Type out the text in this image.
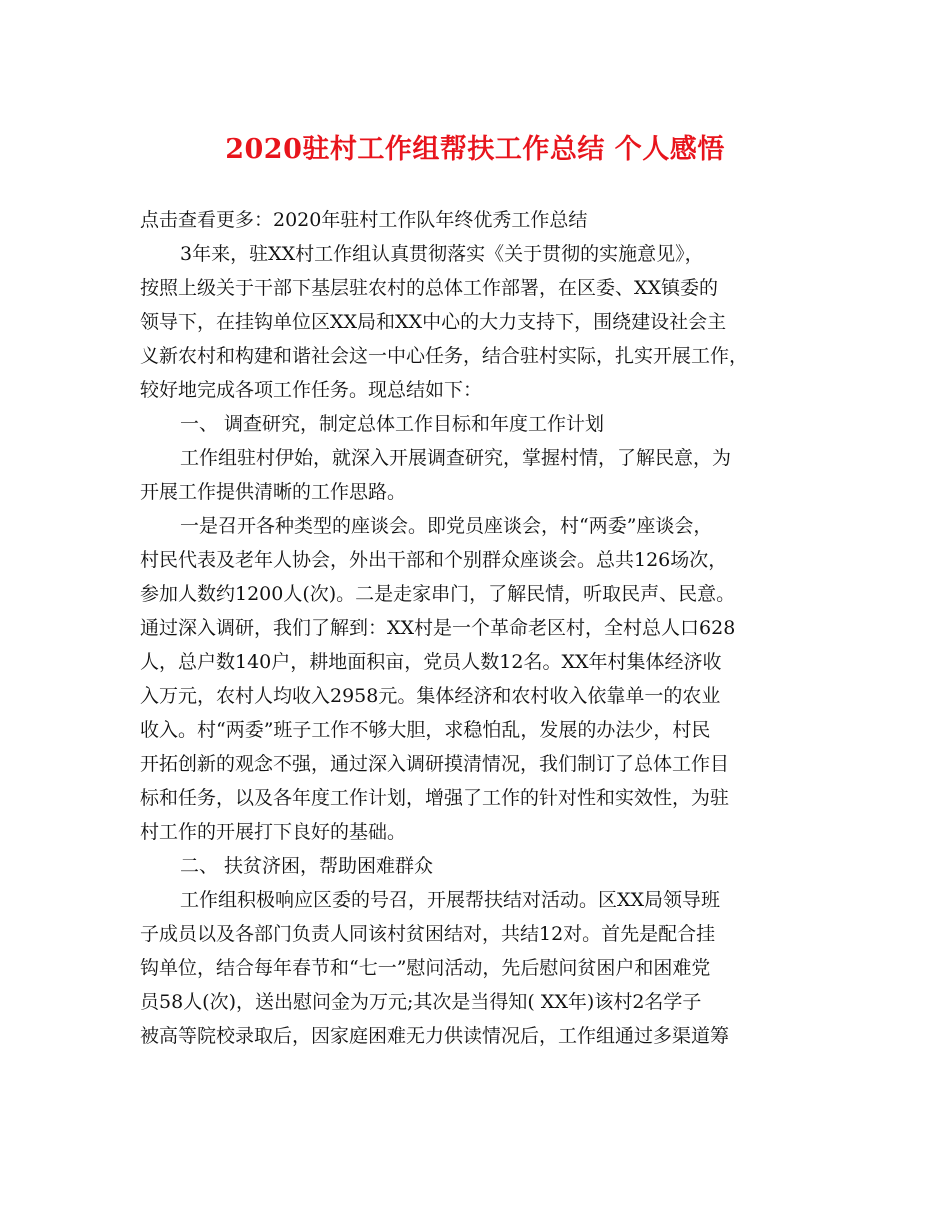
2020驻村工作组帮扶工作总结 个人感悟
点击查看更多：2020年驻村工作队年终优秀工作总结
3年来，驻XX村工作组认真贯彻落实《关于贯彻的实施意见》，
按照上级关于干部下基层驻农村的总体工作部署，在区委、XX镇委的
领导下，在挂钩单位区XX局和XX中心的大力支持下，围绕建设社会主
义新农村和构建和谐社会这一中心任务，结合驻村实际，扎实开展工作，
较好地完成各项工作任务。现总结如下：
一、 调查研究，制定总体工作目标和年度工作计划
工作组驻村伊始，就深入开展调查研究，掌握村情，了解民意，为
开展工作提供清晰的工作思路。
一是召开各种类型的座谈会。即党员座谈会，村“两委”座谈会，
村民代表及老年人协会，外出干部和个别群众座谈会。总共126场次，
参加人数约1200人(次)。二是走家串门，了解民情，听取民声、民意。
通过深入调研，我们了解到：XX村是一个革命老区村，全村总人口628
人，总户数140户，耕地面积亩，党员人数12名。XX年村集体经济收
入万元，农村人均收入2958元。集体经济和农村收入依靠单一的农业
收入。村“两委”班子工作不够大胆，求稳怕乱，发展的办法少，村民
开拓创新的观念不强，通过深入调研摸清情况，我们制订了总体工作目
标和任务，以及各年度工作计划，增强了工作的针对性和实效性，为驻
村工作的开展打下良好的基础。
二、 扶贫济困，帮助困难群众
工作组积极响应区委的号召，开展帮扶结对活动。区XX局领导班
子成员以及各部门负责人同该村贫困结对，共结12对。首先是配合挂
钩单位，结合每年春节和“七一”慰问活动，先后慰问贫困户和困难党
员58人(次)，送出慰问金为万元;其次是当得知( XX年)该村2名学子
被高等院校录取后，因家庭困难无力供读情况后，工作组通过多渠道筹
